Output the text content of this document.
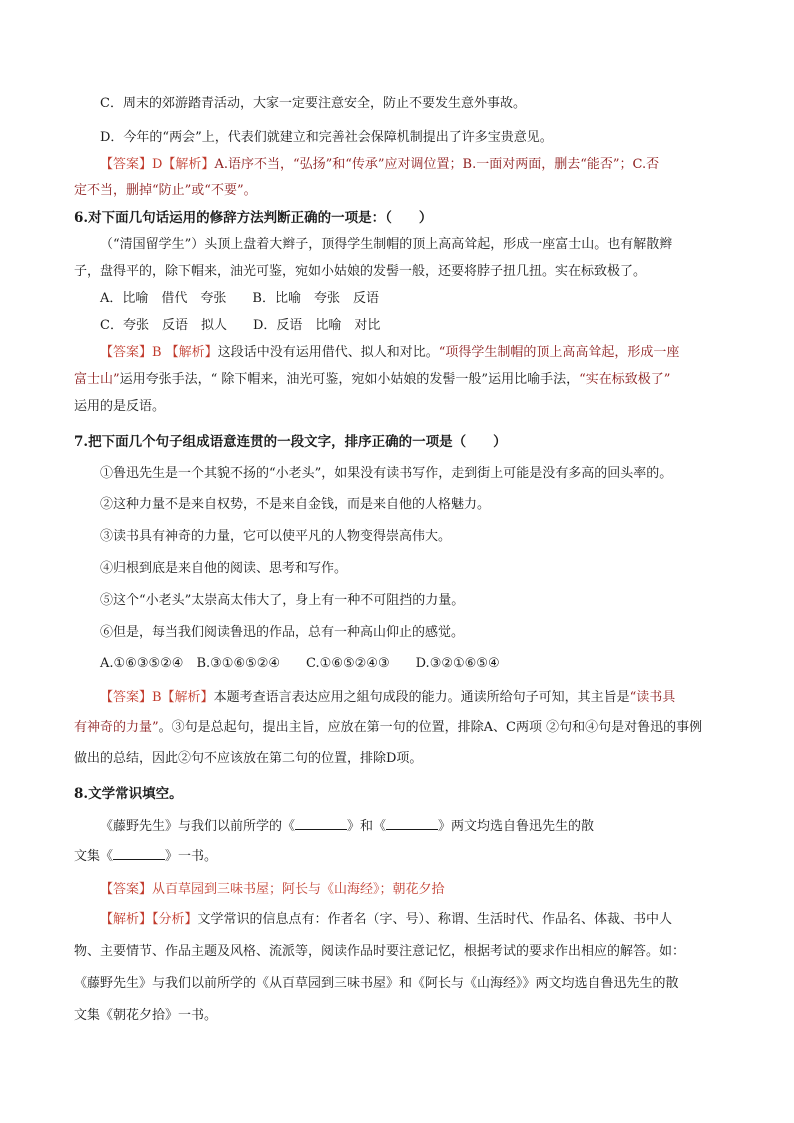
C．周末的郊游踏青活动，大家一定要注意安全，防止不要发生意外事故。
D．今年的“两会”上，代表们就建立和完善社会保障机制提出了许多宝贵意见。
【答案】D【解析】A.语序不当，“弘扬”和“传承”应对调位置；B.一面对两面，删去“能否”；C.否
定不当，删掉“防止”或“不要”。
6.对下面几句话运用的修辞方法判断正确的一项是：（　　）
（“清国留学生”）头顶上盘着大辫子，顶得学生制帽的顶上高高耸起，形成一座富士山。也有解散辫
子，盘得平的，除下帽来，油光可鉴，宛如小姑娘的发髻一般，还要将脖子扭几扭。实在标致极了。
A．比喻　借代　夸张　　B．比喻　夸张　反语
C．夸张　反语　拟人　　D．反语　比喻　对比
【答案】B 【解析】这段话中没有运用借代、拟人和对比。“项得学生制帽的顶上高高耸起，形成一座
富士山”运用夸张手法，“ 除下帽来，油光可鉴，宛如小姑娘的发髻一般”运用比喻手法，“实在标致极了”
运用的是反语。
7.把下面几个句子组成语意连贯的一段文字，排序正确的一项是（　　）
①鲁迅先生是一个其貌不扬的“小老头”，如果没有读书写作，走到街上可能是没有多高的回头率的。
②这种力量不是来自权势，不是来自金钱，而是来自他的人格魅力。
③读书具有神奇的力量，它可以使平凡的人物变得崇高伟大。
④归根到底是来自他的阅读、思考和写作。
⑤这个“小老头”太崇高太伟大了，身上有一种不可阻挡的力量。
⑥但是，每当我们阅读鲁迅的作品，总有一种高山仰止的感觉。
A.①⑥③⑤②④　B.③①⑥⑤②④　　C.①⑥⑤②④③　　D.③②①⑥⑤④
【答案】B【解析】本题考查语言表达应用之組句成段的能力。通读所给句子可知，其主旨是“读书具
有神奇的力量”。③句是总起句，提出主旨，应放在第一句的位置，排除A、C两项 ②句和④句是对鲁迅的事例
做出的总结，因此②句不应该放在第二句的位置，排除D项。
8.文学常识填空。
《藤野先生》与我们以前所学的《	》和《	》两文均选自鲁迅先生的散
文集《	》一书。
【答案】从百草园到三味书屋；阿长与《山海经》；朝花夕拾
【解析】【分析】文学常识的信息点有：作者名（字、号）、称谓、生活时代、作品名、体裁、书中人
物、主要情节、作品主题及风格、流派等，阅读作品时要注意记忆，根据考试的要求作出相应的解答。如：
《藤野先生》与我们以前所学的《从百草园到三味书屋》和《阿长与《山海经》》两文均选自鲁迅先生的散
文集《朝花夕拾》一书。
